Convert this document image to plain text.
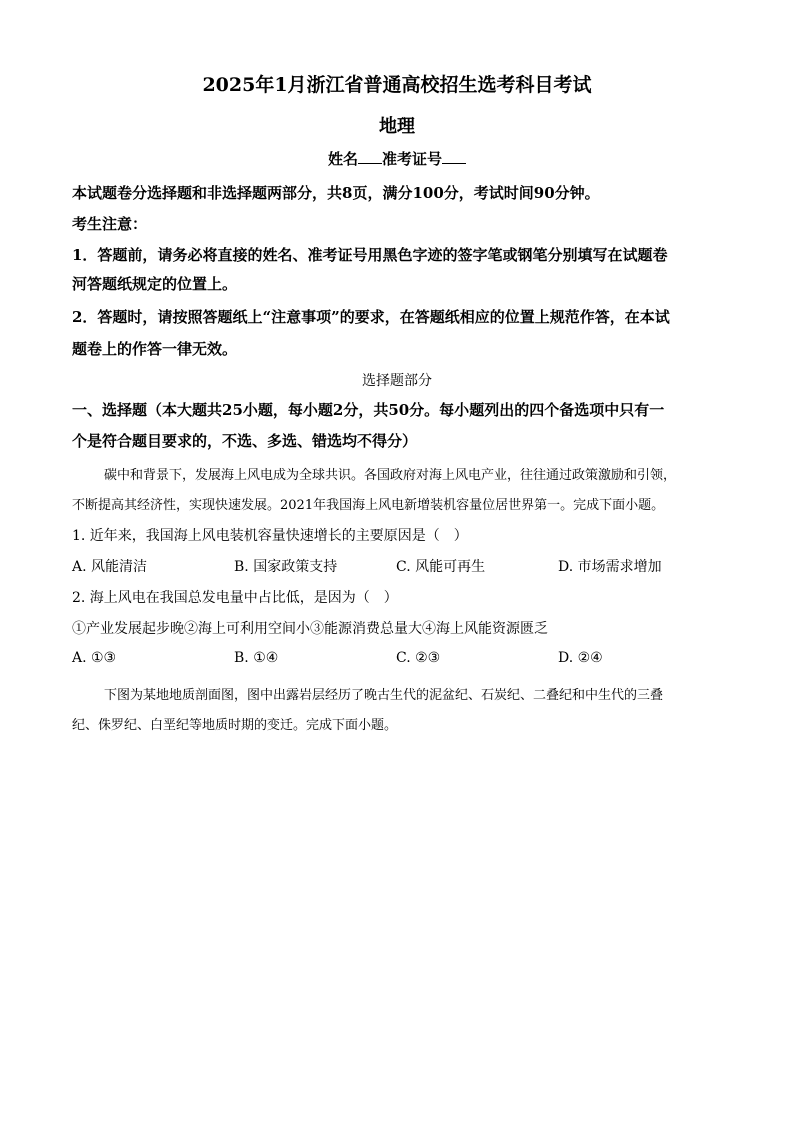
2025年1月浙江省普通高校招生选考科目考试
地理
姓名 准考证号
本试题卷分选择题和非选择题两部分，共8页，满分100分，考试时间90分钟。
考生注意：
1．答题前，请务必将直接的姓名、准考证号用黑色字迹的签字笔或钢笔分别填写在试题卷
河答题纸规定的位置上。
2．答题时，请按照答题纸上“注意事项”的要求，在答题纸相应的位置上规范作答，在本试
题卷上的作答一律无效。
选择题部分
一、选择题（本大题共25小题，每小题2分，共50分。每小题列出的四个备选项中只有一
个是符合题目要求的，不选、多选、错选均不得分）
碳中和背景下，发展海上风电成为全球共识。各国政府对海上风电产业，往往通过政策激励和引领，
不断提高其经济性，实现快速发展。2021年我国海上风电新增装机容量位居世界第一。完成下面小题。
1. 近年来，我国海上风电装机容量快速增长的主要原因是（　）
A. 风能清洁	B. 国家政策支持	C. 风能可再生	D. 市场需求增加
2. 海上风电在我国总发电量中占比低，是因为（　）
①产业发展起步晚②海上可利用空间小③能源消费总量大④海上风能资源匮乏
A. ①③	B. ①④	C. ②③	D. ②④
下图为某地地质剖面图，图中出露岩层经历了晚古生代的泥盆纪、石炭纪、二叠纪和中生代的三叠
纪、侏罗纪、白垩纪等地质时期的变迁。完成下面小题。
